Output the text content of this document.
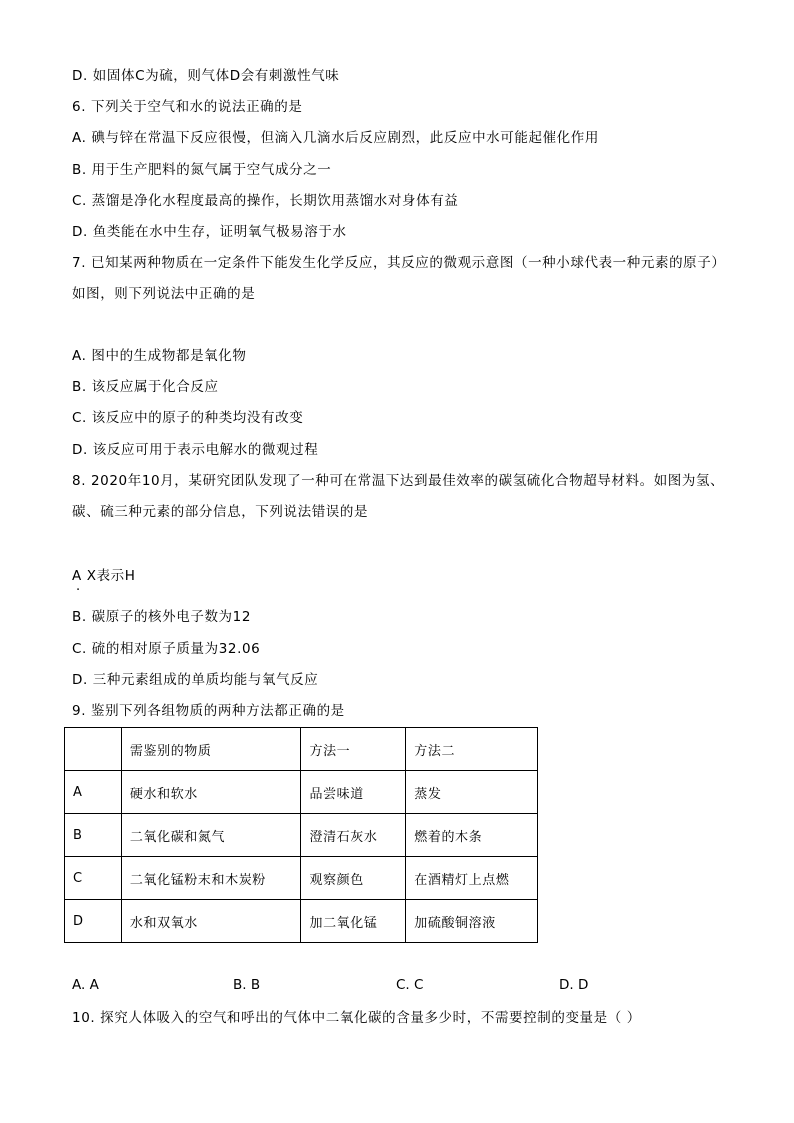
D. 如固体C为硫，则气体D会有刺激性气味
6. 下列关于空气和水的说法正确的是
A. 碘与锌在常温下反应很慢，但滴入几滴水后反应剧烈，此反应中水可能起催化作用
B. 用于生产肥料的氮气属于空气成分之一
C. 蒸馏是净化水程度最高的操作，长期饮用蒸馏水对身体有益
D. 鱼类能在水中生存，证明氧气极易溶于水
7. 已知某两种物质在一定条件下能发生化学反应，其反应的微观示意图（一种小球代表一种元素的原子）
如图，则下列说法中正确的是
A. 图中的生成物都是氧化物
B. 该反应属于化合反应
C. 该反应中的原子的种类均没有改变
D. 该反应可用于表示电解水的微观过程
8. 2020年10月，某研究团队发现了一种可在常温下达到最佳效率的碳氢硫化合物超导材料。如图为氢、
碳、硫三种元素的部分信息，下列说法错误的是
A X表示H
·
B. 碳原子的核外电子数为12
C. 硫的相对原子质量为32.06
D. 三种元素组成的单质均能与氧气反应
9. 鉴别下列各组物质的两种方法都正确的是
	需鉴别的物质	方法一	方法二
A	硬水和软水	品尝味道	蒸发
B	二氧化碳和氮气	澄清石灰水	燃着的木条
C	二氧化锰粉末和木炭粉	观察颜色	在酒精灯上点燃
D	水和双氧水	加二氧化锰	加硫酸铜溶液
A. A	B. B	C. C	D. D
10. 探究人体吸入的空气和呼出的气体中二氧化碳的含量多少时，不需要控制的变量是（ ）
